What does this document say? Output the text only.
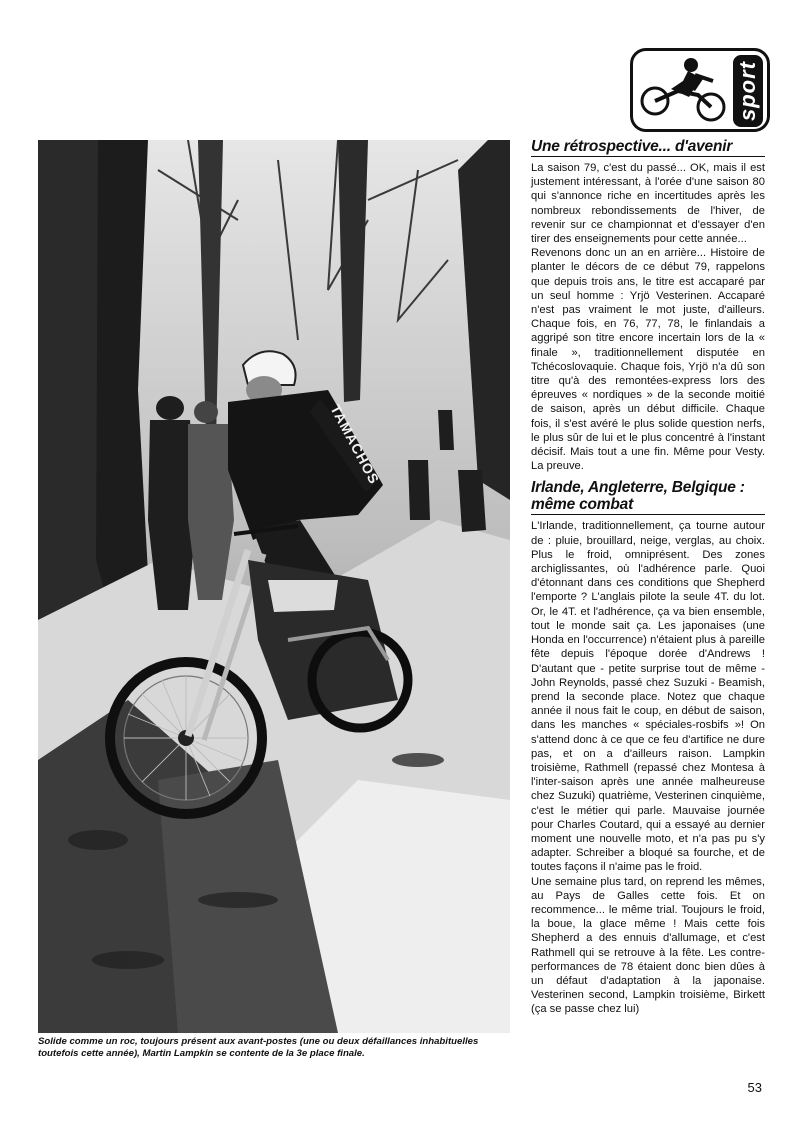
sport
TAMACHOS
Solide comme un roc, toujours présent aux avant-postes (une ou deux défaillances inhabituelles toutefois cette année), Martin Lampkin se contente de la 3e place finale.
Une rétrospective... d'avenir

La saison 79, c'est du passé... OK, mais il est justement intéressant, à l'orée d'une saison 80 qui s'annonce riche en incertitudes après les nombreux rebondissements de l'hiver, de revenir sur ce championnat et d'essayer d'en tirer des enseignements pour cette année...

Revenons donc un an en arrière... Histoire de planter le décors de ce début 79, rappelons que depuis trois ans, le titre est accaparé par un seul homme : Yrjö Vesterinen. Accaparé n'est pas vraiment le mot juste, d'ailleurs. Chaque fois, en 76, 77, 78, le finlandais a aggripé son titre encore incertain lors de la « finale », traditionnellement disputée en Tchécoslovaquie. Chaque fois, Yrjö n'a dû son titre qu'à des remontées-express lors des épreuves « nordiques » de la seconde moitié de saison, après un début difficile. Chaque fois, il s'est avéré le plus solide question nerfs, le plus sûr de lui et le plus concentré à l'instant décisif. Mais tout a une fin. Même pour Vesty. La preuve.

Irlande, Angleterre, Belgique : même combat

L'Irlande, traditionnellement, ça tourne autour de : pluie, brouillard, neige, verglas, au choix. Plus le froid, omniprésent. Des zones archiglissantes, où l'adhérence parle. Quoi d'étonnant dans ces conditions que Shepherd l'emporte ? L'anglais pilote la seule 4T. du lot. Or, le 4T. et l'adhérence, ça va bien ensemble, tout le monde sait ça. Les japonaises (une Honda en l'occurrence) n'étaient plus à pareille fête depuis l'époque dorée d'Andrews ! D'autant que - petite surprise tout de même - John Reynolds, passé chez Suzuki - Beamish, prend la seconde place. Notez que chaque année il nous fait le coup, en début de saison, dans les manches « spéciales-rosbifs »! On s'attend donc à ce que ce feu d'artifice ne dure pas, et on a d'ailleurs raison. Lampkin troisième, Rathmell (repassé chez Montesa à l'inter-saison après une année malheureuse chez Suzuki) quatrième, Vesterinen cinquième, c'est le métier qui parle. Mauvaise journée pour Charles Coutard, qui a essayé au dernier moment une nouvelle moto, et n'a pas pu s'y adapter. Schreiber a bloqué sa fourche, et de toutes façons il n'aime pas le froid.

Une semaine plus tard, on reprend les mêmes, au Pays de Galles cette fois. Et on recommence... le même trial. Toujours le froid, la boue, la glace même ! Mais cette fois Shepherd a des ennuis d'allumage, et c'est Rathmell qui se retrouve à la fête. Les contre-performances de 78 étaient donc bien dûes à un défaut d'adaptation à la japonaise. Vesterinen second, Lampkin troisième, Birkett (ça se passe chez lui)

53
